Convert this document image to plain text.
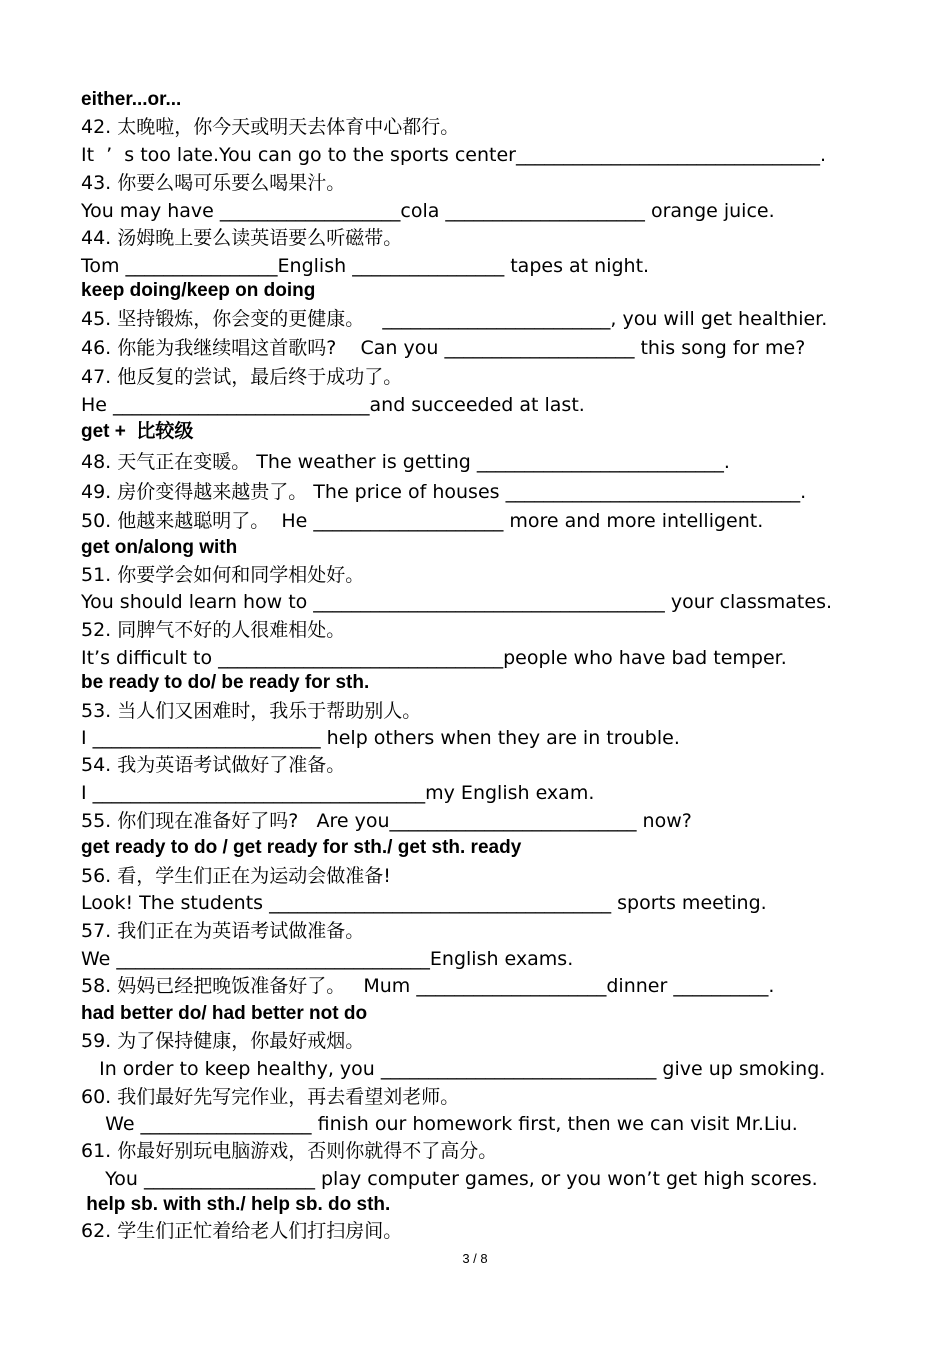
either...or...
42. 太晚啦，你今天或明天去体育中心都行。
It  ’  s too late.You can go to the sports center________________________________.
43. 你要么喝可乐要么喝果汁。
You may have ___________________cola _____________________ orange juice.
44. 汤姆晚上要么读英语要么听磁带。
Tom ________________English ________________ tapes at night.
keep doing/keep on doing
45. 坚持锻炼，你会变的更健康。   ________________________, you will get healthier.
46. 你能为我继续唱这首歌吗?    Can you ____________________ this song for me?
47. 他反复的尝试，最后终于成功了。
He ___________________________and succeeded at last.
get +  比较级
48. 天气正在变暖。 The weather is getting __________________________.
49. 房价变得越来越贵了。 The price of houses _______________________________.
50. 他越来越聪明了。  He ____________________ more and more intelligent.
get on/along with
51. 你要学会如何和同学相处好。
You should learn how to _____________________________________ your classmates.
52. 同脾气不好的人很难相处。
It’s difficult to ______________________________people who have bad temper.
be ready to do/ be ready for sth.
53. 当人们又困难时，我乐于帮助别人。
I ________________________ help others when they are in trouble.
54. 我为英语考试做好了准备。
I ___________________________________my English exam.
55. 你们现在准备好了吗?   Are you__________________________ now?
get ready to do / get ready for sth./ get sth. ready
56. 看，学生们正在为运动会做准备!
Look! The students ____________________________________ sports meeting.
57. 我们正在为英语考试做准备。
We _________________________________English exams.
58. 妈妈已经把晚饭准备好了。   Mum ____________________dinner __________.
had better do/ had better not do
59. 为了保持健康，你最好戒烟。
In order to keep healthy, you _____________________________ give up smoking.
60. 我们最好先写完作业，再去看望刘老师。
We __________________ finish our homework first, then we can visit Mr.Liu.
61. 你最好别玩电脑游戏，否则你就得不了高分。
You __________________ play computer games, or you won’t get high scores.
help sb. with sth./ help sb. do sth.
62. 学生们正忙着给老人们打扫房间。
3 / 8
